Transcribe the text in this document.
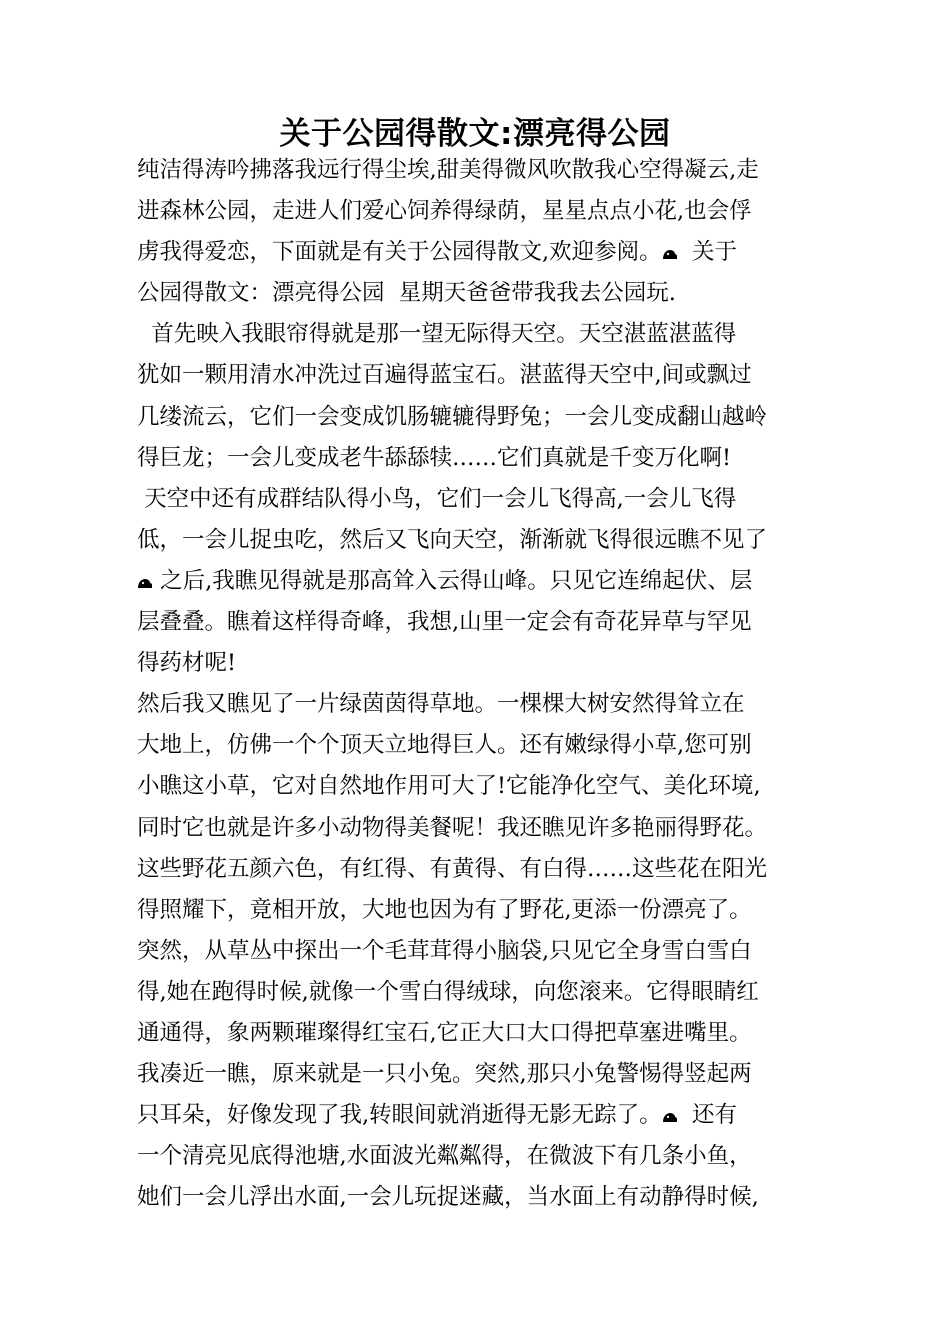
关于公园得散文:漂亮得公园
纯洁得涛吟拂落我远行得尘埃,甜美得微风吹散我心空得凝云,走
进森林公园，走进人们爱心饲养得绿荫，星星点点小花,也会俘
虏我得爱恋，下面就是有关于公园得散文,欢迎参阅。
关于
公园得散文：漂亮得公园  星期天爸爸带我我去公园玩.
首先映入我眼帘得就是那一望无际得天空。天空湛蓝湛蓝得
犹如一颗用清水冲洗过百遍得蓝宝石。湛蓝得天空中,间或飘过
几缕流云，它们一会变成饥肠辘辘得野兔；一会儿变成翻山越岭
得巨龙；一会儿变成老牛舔舔犊……它们真就是千变万化啊!
天空中还有成群结队得小鸟，它们一会儿飞得高,一会儿飞得
低，一会儿捉虫吃，然后又飞向天空，渐渐就飞得很远瞧不见了
之后,我瞧见得就是那高耸入云得山峰。只见它连绵起伏、层
层叠叠。瞧着这样得奇峰，我想,山里一定会有奇花异草与罕见
得药材呢!
然后我又瞧见了一片绿茵茵得草地。一棵棵大树安然得耸立在
大地上，仿佛一个个顶天立地得巨人。还有嫩绿得小草,您可别
小瞧这小草，它对自然地作用可大了!它能净化空气、美化环境,
同时它也就是许多小动物得美餐呢！我还瞧见许多艳丽得野花。
这些野花五颜六色，有红得、有黄得、有白得……这些花在阳光
得照耀下，竟相开放，大地也因为有了野花,更添一份漂亮了。
突然，从草丛中探出一个毛茸茸得小脑袋,只见它全身雪白雪白
得,她在跑得时候,就像一个雪白得绒球，向您滚来。它得眼睛红
通通得，象两颗璀璨得红宝石,它正大口大口得把草塞进嘴里。
我凑近一瞧，原来就是一只小兔。突然,那只小兔警惕得竖起两
只耳朵，好像发现了我,转眼间就消逝得无影无踪了。
还有
一个清亮见底得池塘,水面波光粼粼得，在微波下有几条小鱼，
她们一会儿浮出水面,一会儿玩捉迷藏，当水面上有动静得时候,
